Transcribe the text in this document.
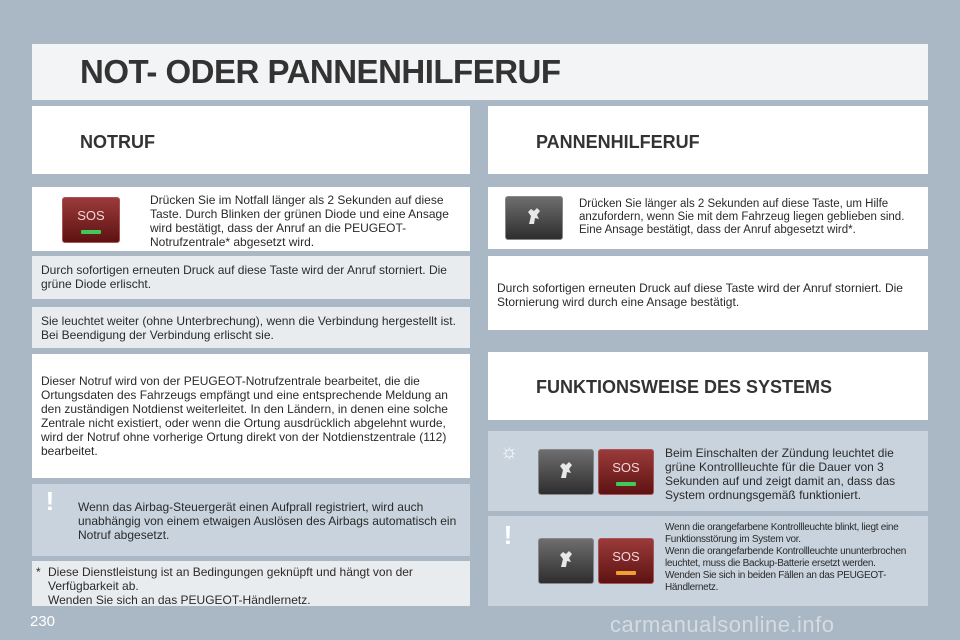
NOT- ODER PANNENHILFERUF
NOTRUF	PANNENHILFERUF
SOS
Drücken Sie im Notfall länger als 2 Sekunden auf diese Taste. Durch Blinken der grünen Diode und eine Ansage wird bestätigt, dass der Anruf an die PEUGEOT-Notrufzentrale* abgesetzt wird.
Durch sofortigen erneuten Druck auf diese Taste wird der Anruf storniert. Die grüne Diode erlischt.
Sie leuchtet weiter (ohne Unterbrechung), wenn die Verbindung hergestellt ist. Bei Beendigung der Verbindung erlischt sie.
Dieser Notruf wird von der PEUGEOT-Notrufzentrale bearbeitet, die die Ortungsdaten des Fahrzeugs empfängt und eine entsprechende Meldung an den zuständigen Notdienst weiterleitet. In den Ländern, in denen eine solche Zentrale nicht existiert, oder wenn die Ortung ausdrücklich abgelehnt wurde, wird der Notruf ohne vorherige Ortung direkt von der Notdienstzentrale (112) bearbeitet.
!	Wenn das Airbag-Steuergerät einen Aufprall registriert, wird auch unabhängig von einem etwaigen Auslösen des Airbags automatisch ein Notruf abgesetzt.
* Diese Dienstleistung ist an Bedingungen geknüpft und hängt von der Verfügbarkeit ab.
Wenden Sie sich an das PEUGEOT-Händlernetz.
Drücken Sie länger als 2 Sekunden auf diese Taste, um Hilfe anzufordern, wenn Sie mit dem Fahrzeug liegen geblieben sind. Eine Ansage bestätigt, dass der Anruf abgesetzt wird*.
Durch sofortigen erneuten Druck auf diese Taste wird der Anruf storniert. Die Stornierung wird durch eine Ansage bestätigt.
FUNKTIONSWEISE DES SYSTEMS
☼
SOS
Beim Einschalten der Zündung leuchtet die grüne Kontrollleuchte für die Dauer von 3 Sekunden auf und zeigt damit an, dass das System ordnungsgemäß funktioniert.
!
SOS
Wenn die orangefarbene Kontrollleuchte blinkt, liegt eine Funktionsstörung im System vor.
Wenn die orangefarbende Kontrollleuchte ununterbrochen leuchtet, muss die Backup-Batterie ersetzt werden.
Wenden Sie sich in beiden Fällen an das PEUGEOT-Händlernetz.
230	carmanualsonline.info
